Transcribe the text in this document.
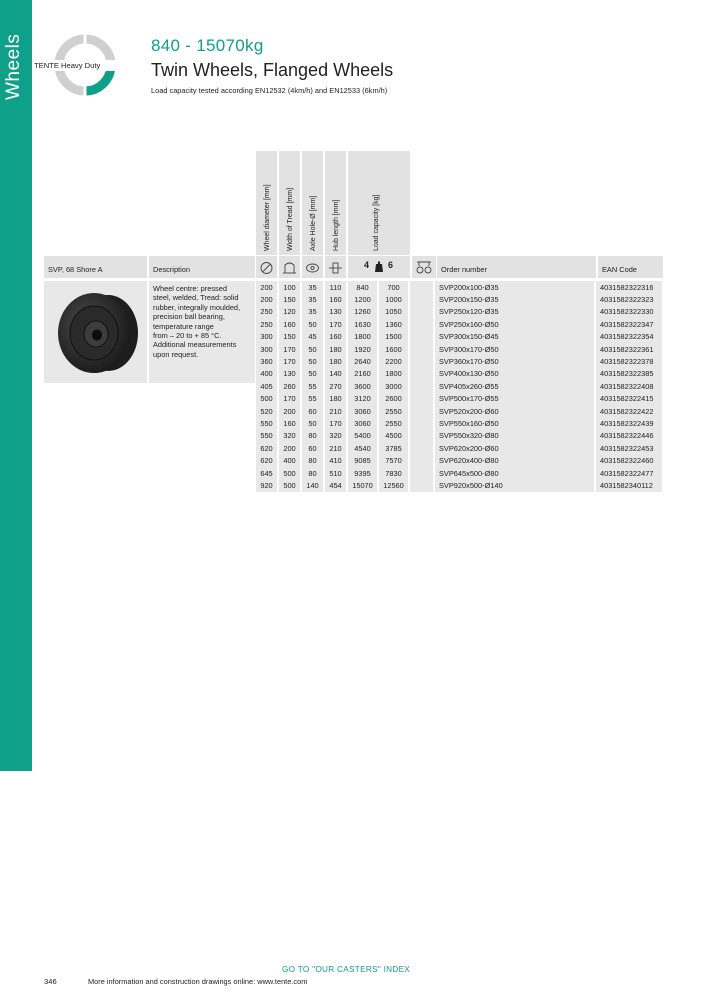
Wheels	TENTE Heavy Duty
840 - 15070kg
Twin Wheels, Flanged Wheels
Load capacity tested according EN12532 (4km/h) and EN12533 (6km/h)
Wheel diameter [mm] Width of Tread [mm] Axle Hole-Ø [mm] Hub length [mm]	Load capacity [kg]
SVP, 68 Shore A	Description	4 6	Order number	EAN Code

Wheel centre: pressed

steel, welded, Tread: solid

rubber, integrally moulded,

precision ball bearing,

temperature range

from – 20 to + 85 °C.

Additional measurements

upon request.

200	100	35	110	840	700		SVP200x100-Ø35	4031582322316
200	150	35	160	1200	1000		SVP200x150-Ø35	4031582322323
250	120	35	130	1260	1050		SVP250x120-Ø35	4031582322330
250	160	50	170	1630	1360		SVP250x160-Ø50	4031582322347
300	150	45	160	1800	1500		SVP300x150-Ø45	4031582322354
300	170	50	180	1920	1600		SVP300x170-Ø50	4031582322361
360	170	50	180	2640	2200		SVP360x170-Ø50	4031582322378
400	130	50	140	2160	1800		SVP400x130-Ø50	4031582322385
405	260	55	270	3600	3000		SVP405x260-Ø55	4031582322408
500	170	55	180	3120	2600		SVP500x170-Ø55	4031582322415
520	200	60	210	3060	2550		SVP520x200-Ø60	4031582322422
550	160	50	170	3060	2550		SVP550x160-Ø50	4031582322439
550	320	80	320	5400	4500		SVP550x320-Ø80	4031582322446
620	200	60	210	4540	3785		SVP620x200-Ø60	4031582322453
620	400	80	410	9085	7570		SVP620x400-Ø80	4031582322460
645	500	80	510	9395	7830		SVP645x500-Ø80	4031582322477
920	500	140	454	15070	12560		SVP920x500-Ø140	4031582340112
GO TO "OUR CASTERS" INDEX
346	More information and construction drawings online: www.tente.com
